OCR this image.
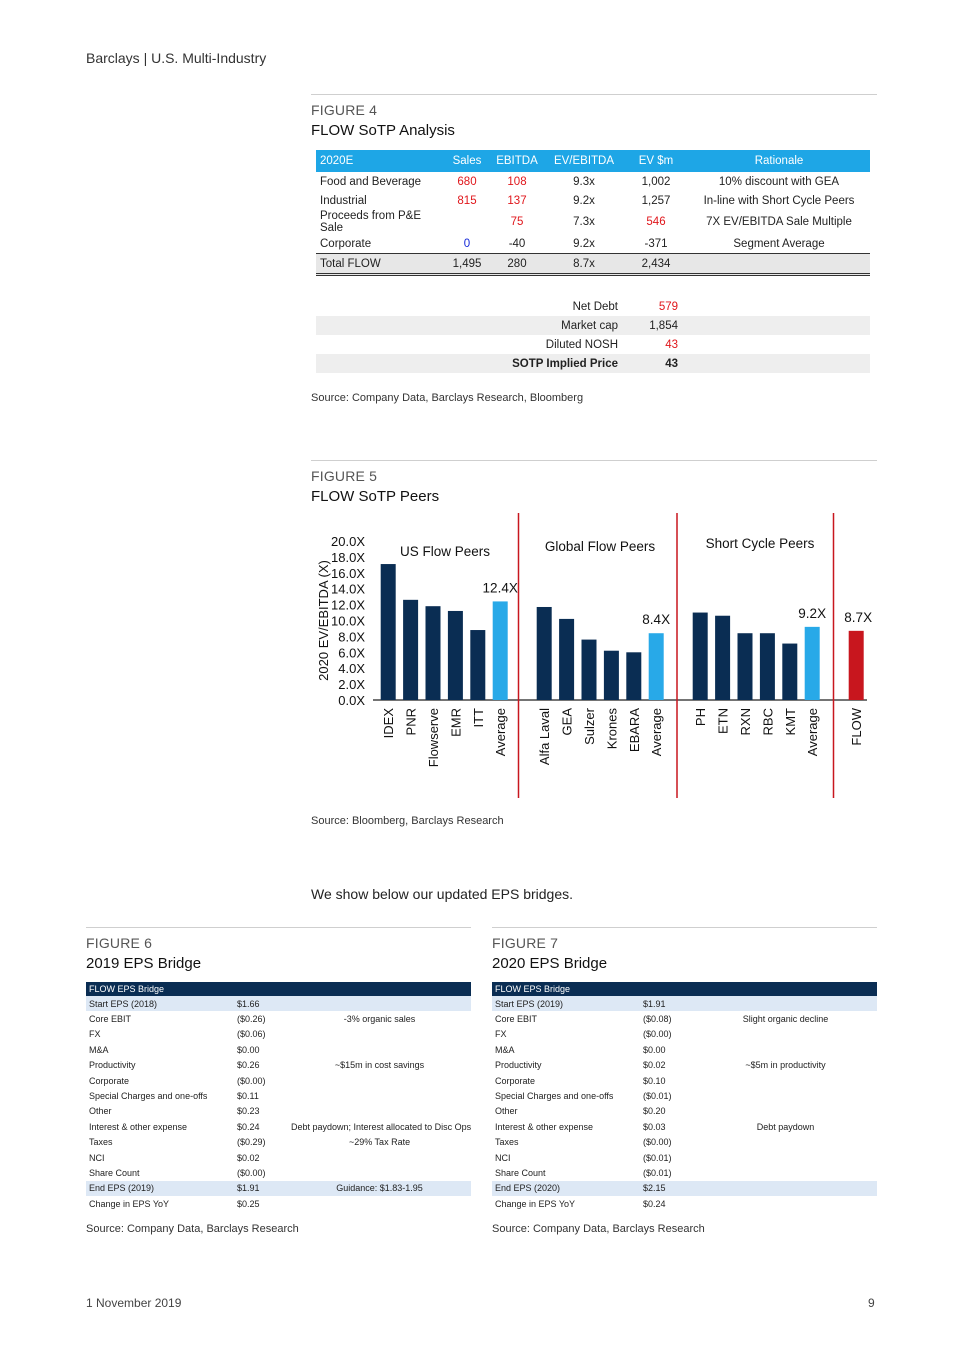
Barclays | U.S. Multi-Industry
FIGURE 4
FLOW SoTP Analysis
2020E	Sales	EBITDA	EV/EBITDA	EV $m	Rationale
Food and Beverage	680	108	9.3x	1,002	10% discount with GEA
Industrial	815	137	9.2x	1,257	In-line with Short Cycle Peers
Proceeds from P&E Sale		75	7.3x	546	7X EV/EBITDA Sale Multiple
Corporate	0	-40	9.2x	-371	Segment Average
Total FLOW	1,495	280	8.7x	2,434	
Net Debt	579	
Market cap	1,854	
Diluted NOSH	43	
SOTP Implied Price	43	
Source: Company Data, Barclays Research, Bloomberg
FIGURE 5
FLOW SoTP Peers
2020 EV/EBITDA (X)
0.0X
2.0X
4.0X
6.0X
8.0X
10.0X
12.0X
14.0X
16.0X
18.0X
20.0X
US Flow Peers
IDEX PNR Flowserve EMR ITT
12.4X
Average
Global Flow Peers
Alfa Laval GEA Sulzer Krones EBARA
8.4X
Average
Short Cycle Peers
PH ETN RXN RBC KMT
9.2X
Average
8.7X
FLOW
Source: Bloomberg, Barclays Research
We show below our updated EPS bridges.
FIGURE 6
2019 EPS Bridge
FLOW EPS Bridge		
Start EPS (2018)	$1.66	
Core EBIT	($0.26)	-3% organic sales
FX	($0.06)	
M&A	$0.00	
Productivity	$0.26	~$15m in cost savings
Corporate	($0.00)	
Special Charges and one-offs	$0.11	
Other	$0.23	
Interest & other expense	$0.24	Debt paydown; Interest allocated to Disc Ops
Taxes	($0.29)	~29% Tax Rate
NCI	$0.02	
Share Count	($0.00)	
End EPS (2019)	$1.91	Guidance: $1.83-1.95
Change in EPS YoY	$0.25	
Source: Company Data, Barclays Research
FIGURE 7
2020 EPS Bridge
FLOW EPS Bridge		
Start EPS (2019)	$1.91	
Core EBIT	($0.08)	Slight organic decline
FX	($0.00)	
M&A	$0.00	
Productivity	$0.02	~$5m in productivity
Corporate	$0.10	
Special Charges and one-offs	($0.01)	
Other	$0.20	
Interest & other expense	$0.03	Debt paydown
Taxes	($0.00)	
NCI	($0.01)	
Share Count	($0.01)	
End EPS (2020)	$2.15	
Change in EPS YoY	$0.24	
Source: Company Data, Barclays Research
1 November 2019	9
